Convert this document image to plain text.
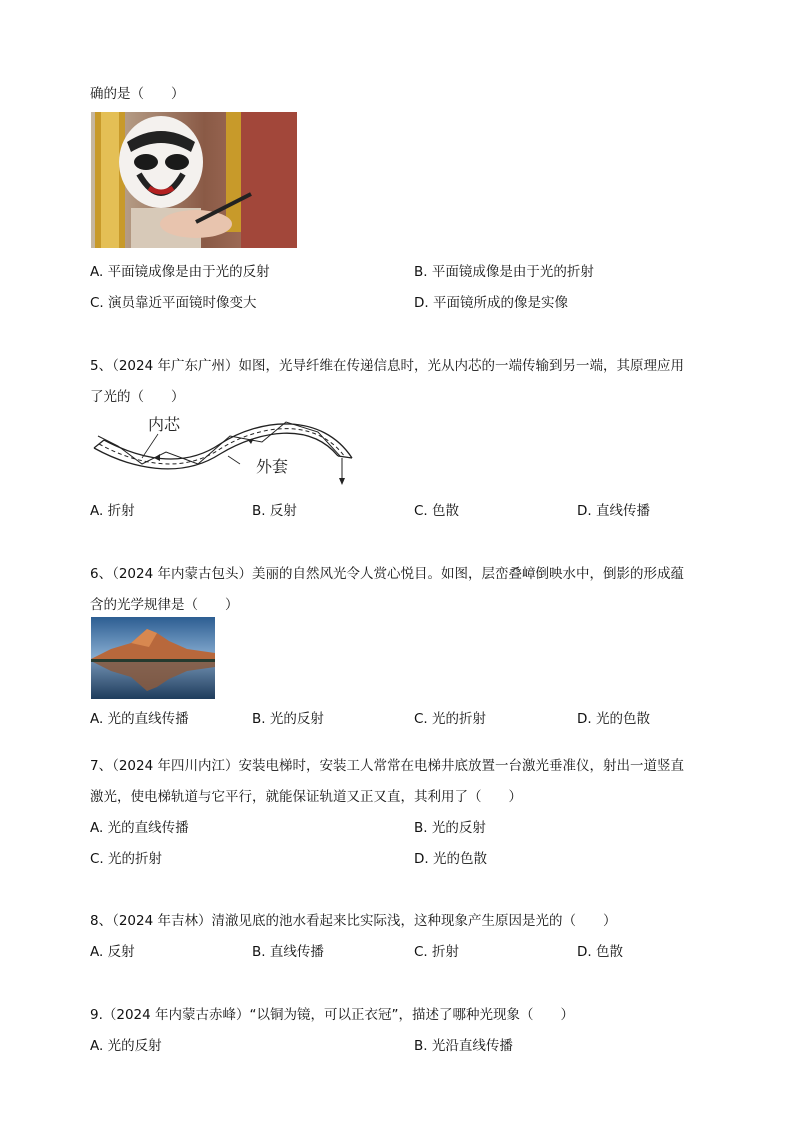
确的是（　　）
A. 平面镜成像是由于光的反射	B. 平面镜成像是由于光的折射
C. 演员靠近平面镜时像变大	D. 平面镜所成的像是实像
5、（2024 年广东广州）如图，光导纤维在传递信息时，光从内芯的一端传输到另一端，其原理应用
了光的（　　）
内芯
外套
A. 折射	B. 反射	C. 色散	D. 直线传播
6、（2024 年内蒙古包头）美丽的自然风光令人赏心悦目。如图，层峦叠嶂倒映水中，倒影的形成蕴
含的光学规律是（　　）
A. 光的直线传播	B. 光的反射	C. 光的折射	D. 光的色散
7、（2024 年四川内江）安装电梯时，安装工人常常在电梯井底放置一台激光垂准仪，射出一道竖直
激光，使电梯轨道与它平行，就能保证轨道又正又直，其利用了（　　）
A. 光的直线传播	B. 光的反射
C. 光的折射	D. 光的色散
8、（2024 年吉林）清澈见底的池水看起来比实际浅，这种现象产生原因是光的（　　）
A. 反射	B. 直线传播	C. 折射	D. 色散
9.（2024 年内蒙古赤峰）“以铜为镜，可以正衣冠”，描述了哪种光现象（　　）
A. 光的反射	B. 光沿直线传播
